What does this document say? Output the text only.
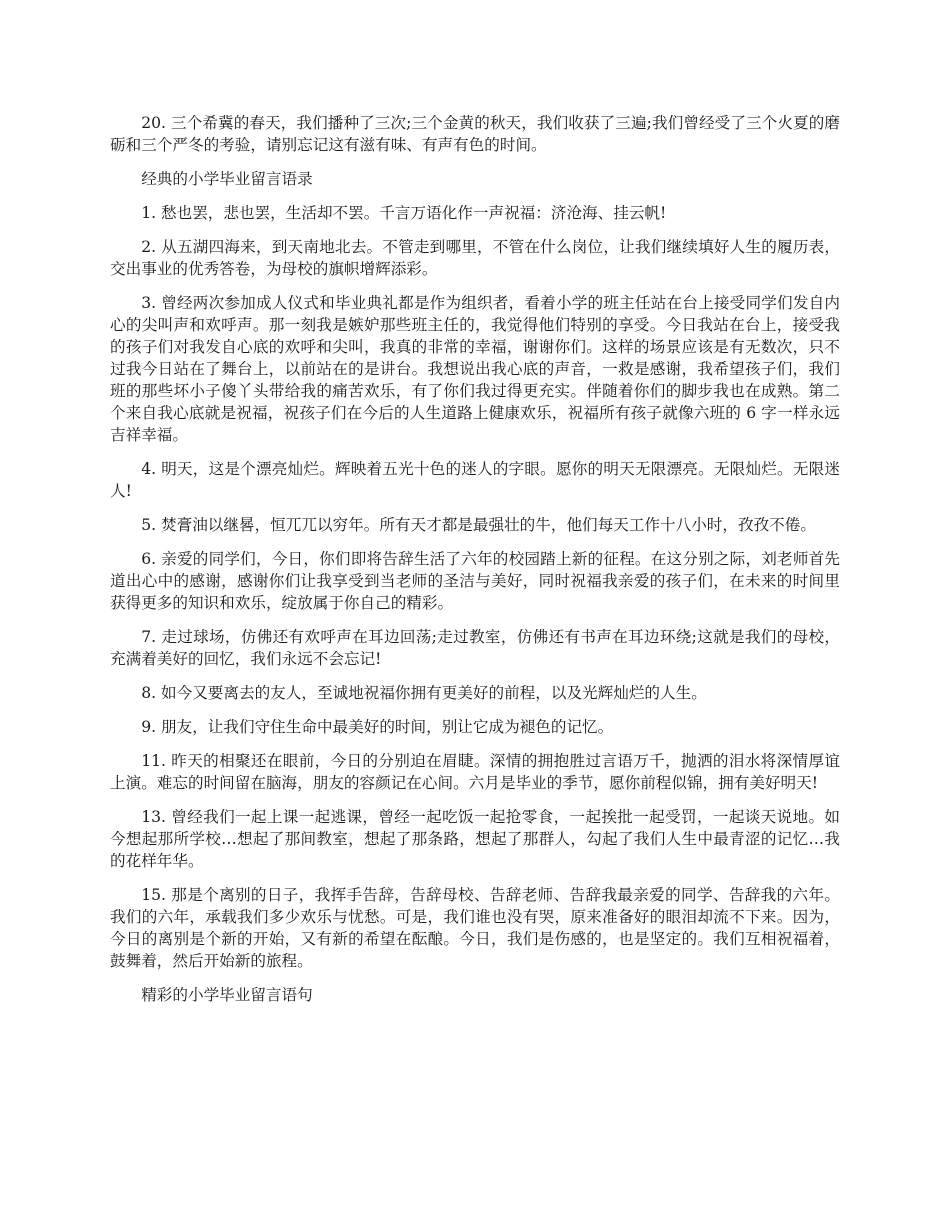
20. 三个希冀的春天，我们播种了三次;三个金黄的秋天，我们收获了三遍;我们曾经受了三个火夏的磨砺和三个严冬的考验，请别忘记这有滋有味、有声有色的时间。

经典的小学毕业留言语录

1. 愁也罢，悲也罢，生活却不罢。千言万语化作一声祝福：济沧海、挂云帆!

2. 从五湖四海来，到天南地北去。不管走到哪里，不管在什么岗位，让我们继续填好人生的履历表，交出事业的优秀答卷，为母校的旗帜增辉添彩。

3. 曾经两次参加成人仪式和毕业典礼都是作为组织者，看着小学的班主任站在台上接受同学们发自内心的尖叫声和欢呼声。那一刻我是嫉妒那些班主任的，我觉得他们特别的享受。今日我站在台上，接受我的孩子们对我发自心底的欢呼和尖叫，我真的非常的幸福，谢谢你们。这样的场景应该是有无数次，只不过我今日站在了舞台上，以前站在的是讲台。我想说出我心底的声音，一救是感谢，我希望孩子们，我们班的那些坏小子傻丫头带给我的痛苦欢乐，有了你们我过得更充实。伴随着你们的脚步我也在成熟。第二个来自我心底就是祝福，祝孩子们在今后的人生道路上健康欢乐，祝福所有孩子就像六班的 6 字一样永远吉祥幸福。

4. 明天，这是个漂亮灿烂。辉映着五光十色的迷人的字眼。愿你的明天无限漂亮。无限灿烂。无限迷人!

5. 焚膏油以继晷，恒兀兀以穷年。所有天才都是最强壮的牛，他们每天工作十八小时，孜孜不倦。

6. 亲爱的同学们，今日，你们即将告辞生活了六年的校园踏上新的征程。在这分别之际，刘老师首先道出心中的感谢，感谢你们让我享受到当老师的圣洁与美好，同时祝福我亲爱的孩子们，在未来的时间里获得更多的知识和欢乐，绽放属于你自己的精彩。

7. 走过球场，仿佛还有欢呼声在耳边回荡;走过教室，仿佛还有书声在耳边环绕;这就是我们的母校，充满着美好的回忆，我们永远不会忘记!

8. 如今又要离去的友人，至诚地祝福你拥有更美好的前程，以及光辉灿烂的人生。

9. 朋友，让我们守住生命中最美好的时间，别让它成为褪色的记忆。

11. 昨天的相聚还在眼前，今日的分别迫在眉睫。深情的拥抱胜过言语万千，抛洒的泪水将深情厚谊上演。难忘的时间留在脑海，朋友的容颜记在心间。六月是毕业的季节，愿你前程似锦，拥有美好明天!

13. 曾经我们一起上课一起逃课，曾经一起吃饭一起抢零食，一起挨批一起受罚，一起谈天说地。如今想起那所学校…想起了那间教室，想起了那条路，想起了那群人，勾起了我们人生中最青涩的记忆…我的花样年华。

15. 那是个离别的日子，我挥手告辞，告辞母校、告辞老师、告辞我最亲爱的同学、告辞我的六年。我们的六年，承载我们多少欢乐与忧愁。可是，我们谁也没有哭，原来准备好的眼泪却流不下来。因为，今日的离别是个新的开始，又有新的希望在酝酿。今日，我们是伤感的，也是坚定的。我们互相祝福着，鼓舞着，然后开始新的旅程。

精彩的小学毕业留言语句
